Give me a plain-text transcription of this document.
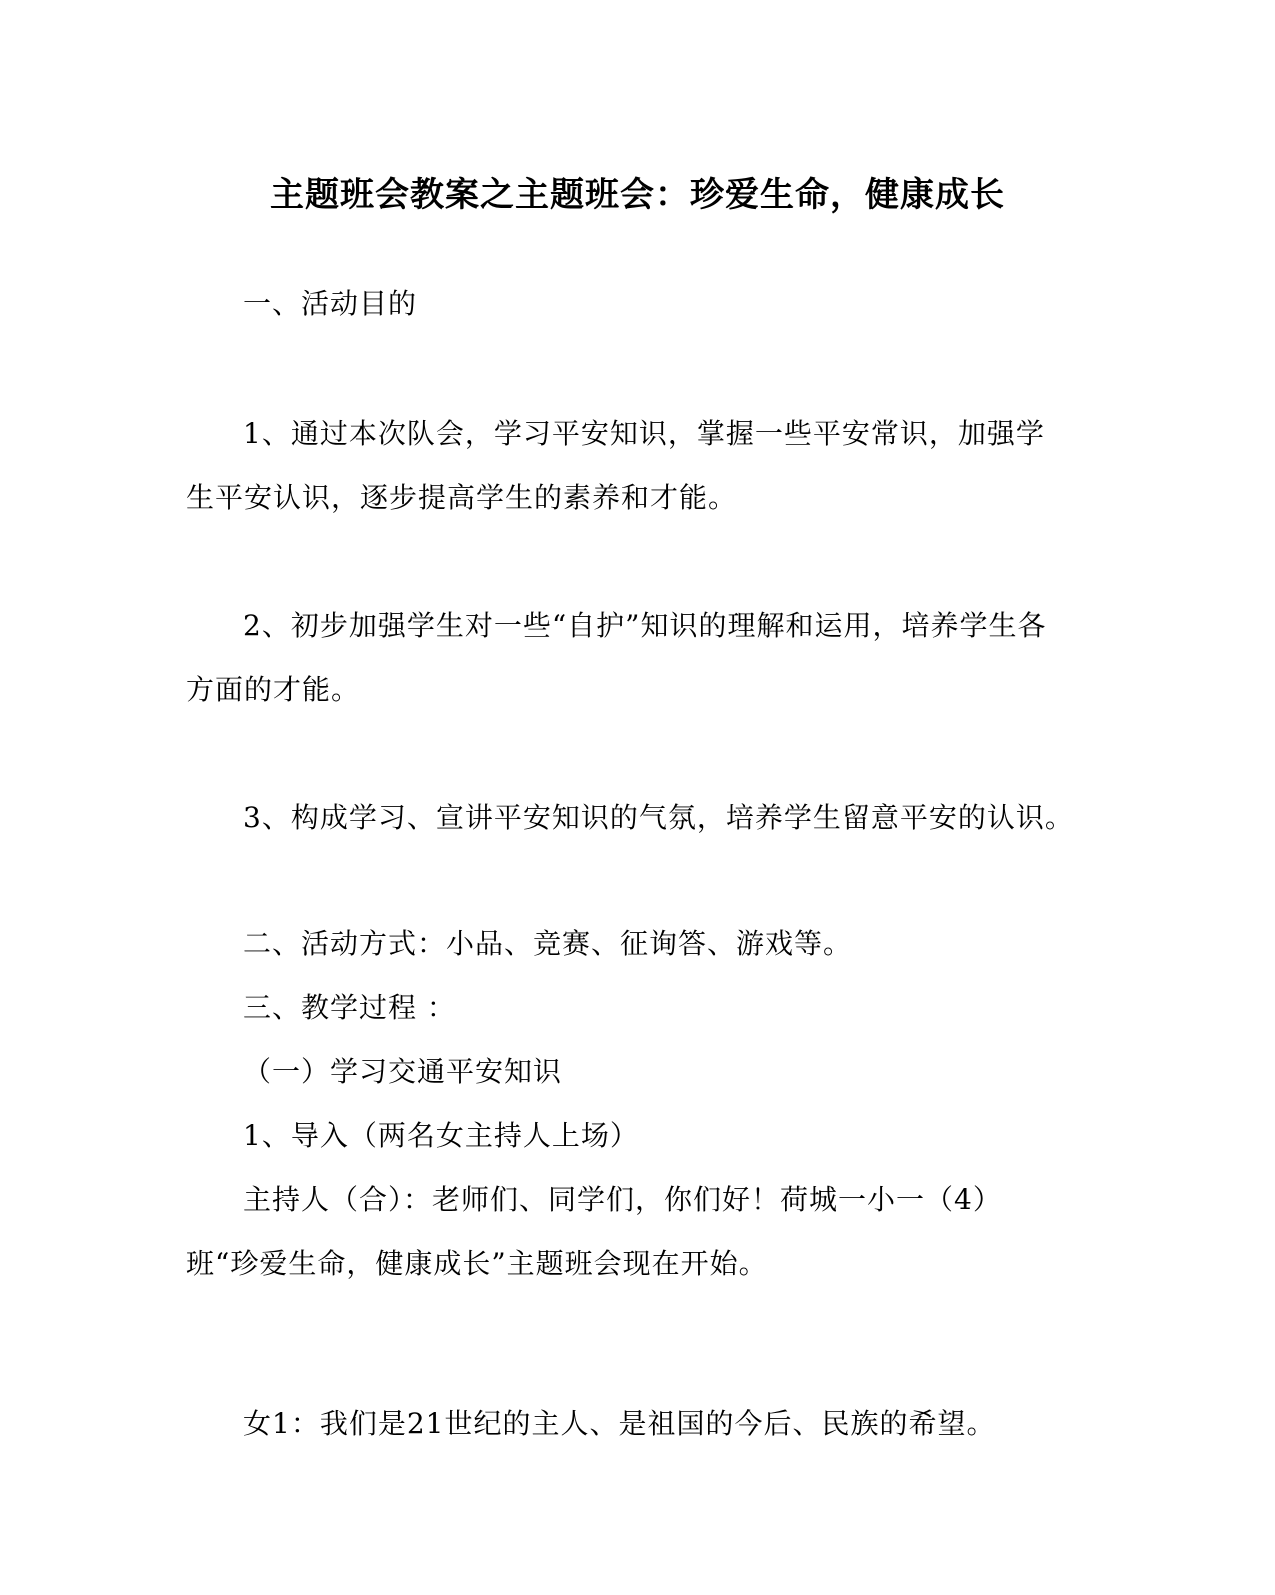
主题班会教案之主题班会：珍爱生命，健康成长
一、活动目的
1、通过本次队会，学习平安知识，掌握一些平安常识，加强学生平安认识，逐步提高学生的素养和才能。
2、初步加强学生对一些“自护”知识的理解和运用，培养学生各方面的才能。
3、构成学习、宣讲平安知识的气氛，培养学生留意平安的认识。
二、活动方式：小品、竞赛、征询答、游戏等。
三、教学过程 ：
（一）学习交通平安知识
1、导入（两名女主持人上场）
主持人（合）：老师们、同学们，你们好！荷城一小一（4）班“珍爱生命，健康成长”主题班会现在开始。
女1：我们是21世纪的主人、是祖国的今后、民族的希望。
